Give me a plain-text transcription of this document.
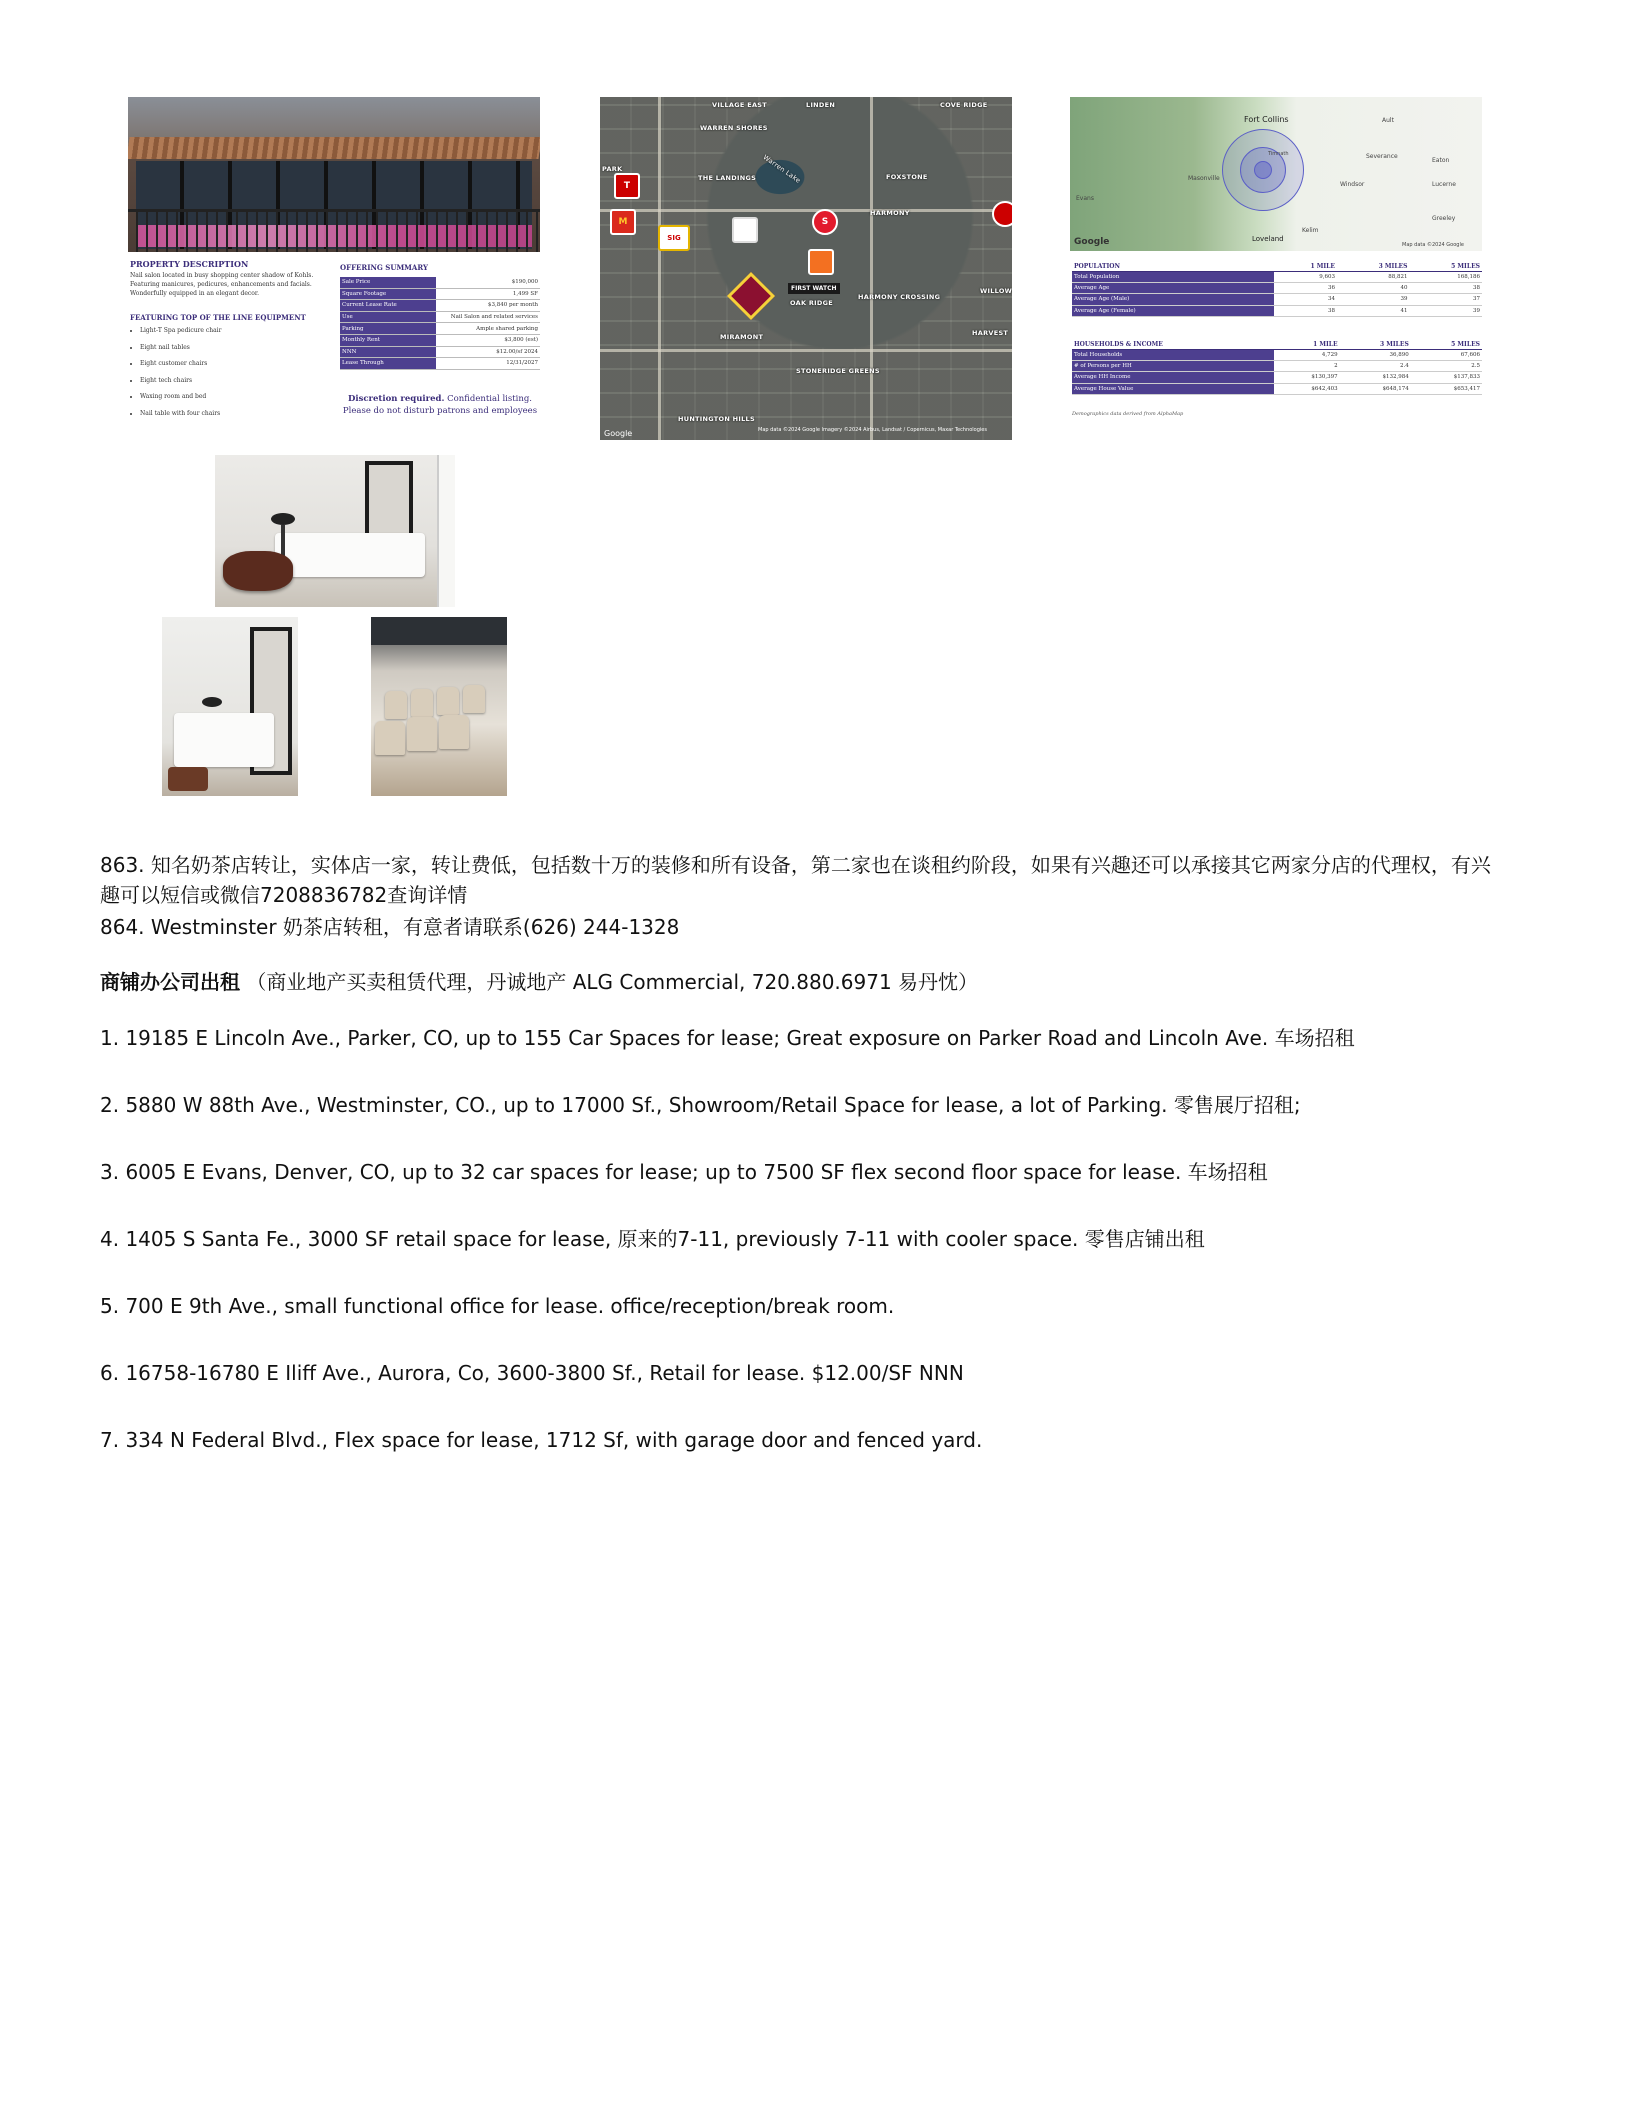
PROPERTY DESCRIPTION
Nail salon located in busy shopping center shadow of Kohls. Featuring manicures, pedicures, enhancements and facials. Wonderfully equipped in an elegant decor.
FEATURING TOP OF THE LINE EQUIPMENT
• Light-T Spa pedicure chair
• Eight nail tables
• Eight customer chairs
• Eight tech chairs
• Waxing room and bed
• Nail table with four chairs
OFFERING SUMMARY
Sale Price	$190,000
Square Footage	1,499 SF
Current Lease Rate	$3,840 per month
Use	Nail Salon and related services
Parking	Ample shared parking
Monthly Rent	$3,800 (est)
NNN	$12.00/sf 2024
Lease Through	12/31/2027
Discretion required. Confidential listing. Please do not disturb patrons and employees
VILLAGE EAST	LINDEN	COVE RIDGE
WARREN SHORES
Warren Lake
THE LANDINGS	FOXSTONE
HARMONY
HARMONY CROSSING
MIRAMONT
OAK RIDGE
STONERIDGE GREENS
HUNTINGTON HILLS
HARVEST
WILLOW
PARK
T
M
SIG
S
FIRST WATCH
Google	Map data ©2024 Google Imagery ©2024 Airbus, Landsat / Copernicus, Maxar Technologies
Fort Collins	Ault
Eaton
Severance
Windsor
Timnath
Masonville
Lucerne
Greeley
Kelim
Loveland
Evans
Google	Map data ©2024 Google
POPULATION	1 MILE	3 MILES	5 MILES
Total Population	9,603	88,821	168,186
Average Age	36	40	38
Average Age (Male)	34	39	37
Average Age (Female)	38	41	39
HOUSEHOLDS & INCOME	1 MILE	3 MILES	5 MILES
Total Households	4,729	36,890	67,606
# of Persons per HH	2	2.4	2.5
Average HH Income	$130,397	$132,984	$137,833
Average House Value	$642,403	$648,174	$653,417
Demographics data derived from AlphaMap
863. 知名奶茶店转让，实体店一家，转让费低，包括数十万的装修和所有设备，第二家也在谈租约阶段，如果有兴趣还可以承接其它两家分店的代理权，有兴趣可以短信或微信7208836782查询详情
864. Westminster 奶茶店转租，有意者请联系(626) 244-1328
商铺办公司出租 （商业地产买卖租赁代理，丹诚地产 ALG Commercial, 720.880.6971 易丹忱）
1. 19185 E Lincoln Ave., Parker, CO, up to 155 Car Spaces for lease; Great exposure on Parker Road and Lincoln Ave. 车场招租
2. 5880 W 88th Ave., Westminster, CO., up to 17000 Sf., Showroom/Retail Space for lease, a lot of Parking. 零售展厅招租;
3. 6005 E Evans, Denver, CO, up to 32 car spaces for lease; up to 7500 SF flex second floor space for lease. 车场招租
4. 1405 S Santa Fe., 3000 SF retail space for lease, 原来的7-11, previously 7-11 with cooler space. 零售店铺出租
5. 700 E 9th Ave., small functional office for lease. office/reception/break room.
6. 16758-16780 E Iliff Ave., Aurora, Co, 3600-3800 Sf., Retail for lease. $12.00/SF NNN
7. 334 N Federal Blvd., Flex space for lease, 1712 Sf, with garage door and fenced yard.
